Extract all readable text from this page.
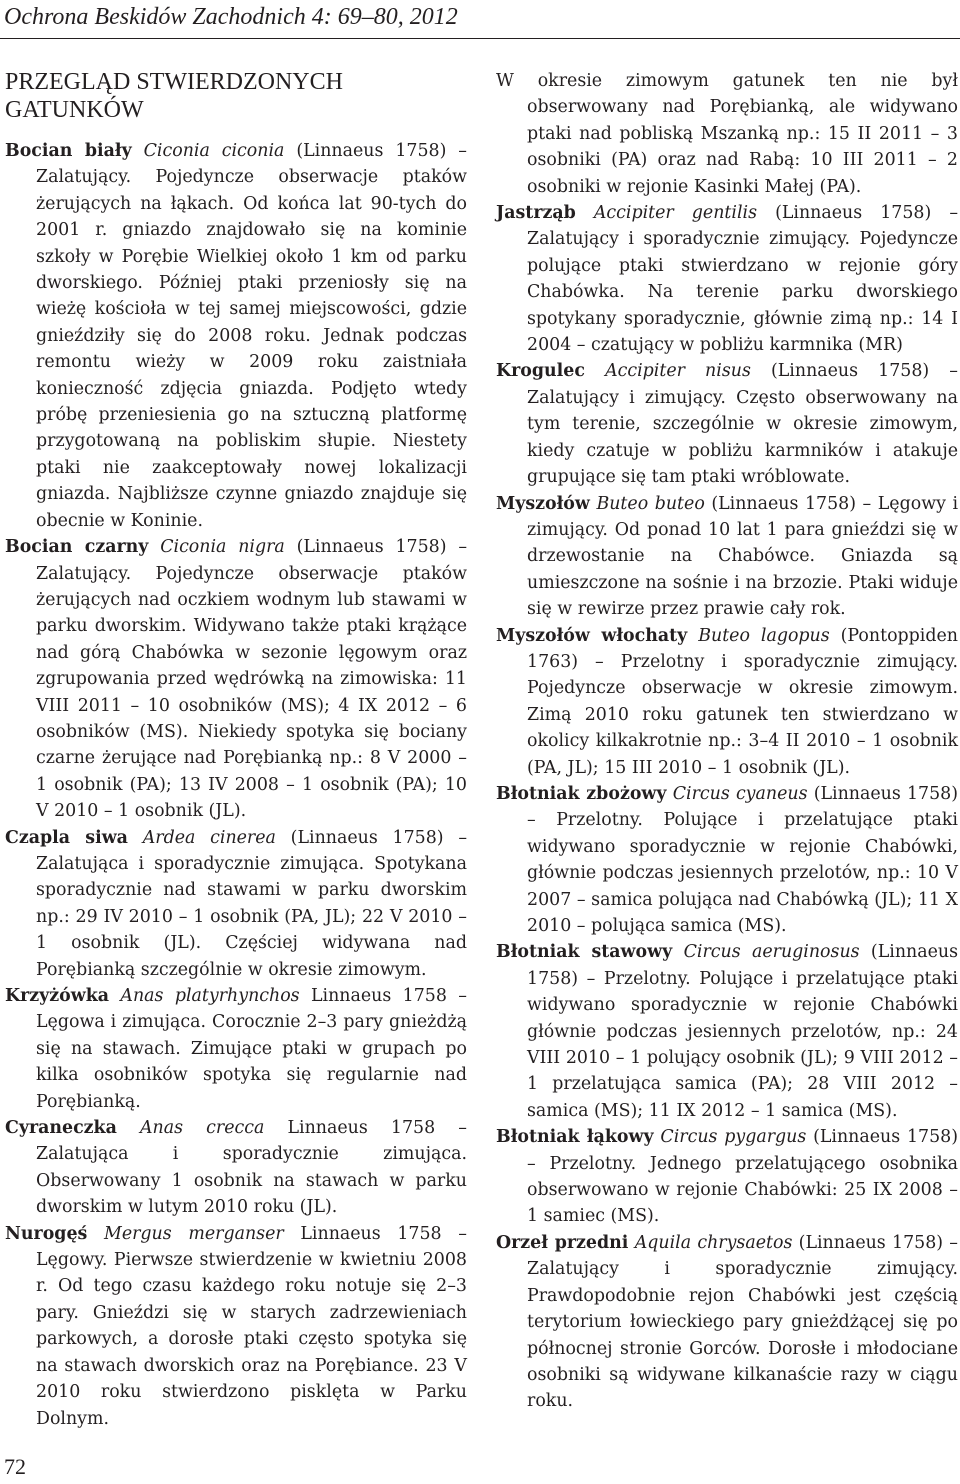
Ochrona Beskidów Zachodnich 4: 69–80, 2012
PRZEGLĄD STWIERDZONYCH GATUNKÓW

Bocian biały Ciconia ciconia (Linnaeus 1758) – Zalatujący. Pojedyncze obserwacje ptaków żerujących na łąkach. Od końca lat 90-tych do 2001 r. gniazdo znajdowało się na kominie szkoły w Porębie Wielkiej około 1 km od parku dworskiego. Później ptaki przeniosły się na wieżę kościoła w tej samej miejscowości, gdzie gnieździły się do 2008 roku. Jednak podczas remontu wieży w 2009 roku zaistniała konieczność zdjęcia gniazda. Podjęto wtedy próbę przeniesienia go na sztuczną platformę przygotowaną na pobliskim słupie. Niestety ptaki nie zaakceptowały nowej lokalizacji gniazda. Najbliższe czynne gniazdo znajduje się obecnie w Koninie.

Bocian czarny Ciconia nigra (Linnaeus 1758) – Zalatujący. Pojedyncze obserwacje ptaków żerujących nad oczkiem wodnym lub stawami w parku dworskim. Widywano także ptaki krążące nad górą Chabówka w sezonie lęgowym oraz zgrupowania przed wędrówką na zimowiska: 11 VIII 2011 – 10 osobników (MS); 4 IX 2012 – 6 osobników (MS). Niekiedy spotyka się bociany czarne żerujące nad Porębianką np.: 8 V 2000 – 1 osobnik (PA); 13 IV 2008 – 1 osobnik (PA); 10 V 2010 – 1 osobnik (JL).

Czapla siwa Ardea cinerea (Linnaeus 1758) – Zalatująca i sporadycznie zimująca. Spotykana sporadycznie nad stawami w parku dworskim np.: 29 IV 2010 – 1 osobnik (PA, JL); 22 V 2010 – 1 osobnik (JL). Częściej widywana nad Porębianką szczególnie w okresie zimowym.

Krzyżówka Anas platyrhynchos Linnaeus 1758 – Lęgowa i zimująca. Corocznie 2–3 pary gnieżdżą się na stawach. Zimujące ptaki w grupach po kilka osobników spotyka się regularnie nad Porębianką.

Cyraneczka Anas crecca Linnaeus 1758 – Zalatująca i sporadycznie zimująca. Obserwowany 1 osobnik na stawach w parku dworskim w lutym 2010 roku (JL).

Nurogęś Mergus merganser Linnaeus 1758 – Lęgowy. Pierwsze stwierdzenie w kwietniu 2008 r. Od tego czasu każdego roku notuje się 2–3 pary. Gnieździ się w starych zadrzewieniach parkowych, a dorosłe ptaki często spotyka się na stawach dworskich oraz na Porębiance. 23 V 2010 roku stwierdzono pisklęta w Parku Dolnym.

W okresie zimowym gatunek ten nie był obserwowany nad Porębianką, ale widywano ptaki nad pobliską Mszanką np.: 15 II 2011 – 3 osobniki (PA) oraz nad Rabą: 10 III 2011 – 2 osobniki w rejonie Kasinki Małej (PA).

Jastrząb Accipiter gentilis (Linnaeus 1758) – Zalatujący i sporadycznie zimujący. Pojedyncze polujące ptaki stwierdzano w rejonie góry Chabówka. Na terenie parku dworskiego spotykany sporadycznie, głównie zimą np.: 14 I 2004 – czatujący w pobliżu karmnika (MR)

Krogulec Accipiter nisus (Linnaeus 1758) – Zalatujący i zimujący. Często obserwowany na tym terenie, szczególnie w okresie zimowym, kiedy czatuje w pobliżu karmników i atakuje grupujące się tam ptaki wróblowate.

Myszołów Buteo buteo (Linnaeus 1758) – Lęgowy i zimujący. Od ponad 10 lat 1 para gnieździ się w drzewostanie na Chabówce. Gniazda są umieszczone na sośnie i na brzozie. Ptaki widuje się w rewirze przez prawie cały rok.

Myszołów włochaty Buteo lagopus (Pontoppiden 1763) – Przelotny i sporadycznie zimujący. Pojedyncze obserwacje w okresie zimowym. Zimą 2010 roku gatunek ten stwierdzano w okolicy kilkakrotnie np.: 3–4 II 2010 – 1 osobnik (PA, JL); 15 III 2010 – 1 osobnik (JL).

Błotniak zbożowy Circus cyaneus (Linnaeus 1758) – Przelotny. Polujące i przelatujące ptaki widywano sporadycznie w rejonie Chabówki, głównie podczas jesiennych przelotów, np.: 10 V 2007 – samica polująca nad Chabówką (JL); 11 X 2010 – polująca samica (MS).

Błotniak stawowy Circus aeruginosus (Linnaeus 1758) – Przelotny. Polujące i przelatujące ptaki widywano sporadycznie w rejonie Chabówki głównie podczas jesiennych przelotów, np.: 24 VIII 2010 – 1 polujący osobnik (JL); 9 VIII 2012 – 1 przelatująca samica (PA); 28 VIII 2012 – samica (MS); 11 IX 2012 – 1 samica (MS).

Błotniak łąkowy Circus pygargus (Linnaeus 1758) – Przelotny. Jednego przelatującego osobnika obserwowano w rejonie Chabówki: 25 IX 2008 – 1 samiec (MS).

Orzeł przedni Aquila chrysaetos (Linnaeus 1758) – Zalatujący i sporadycznie zimujący. Prawdopodobnie rejon Chabówki jest częścią terytorium łowieckiego pary gnieżdżącej się po północnej stronie Gorców. Dorosłe i młodociane osobniki są widywane kilkanaście razy w ciągu roku.

72
